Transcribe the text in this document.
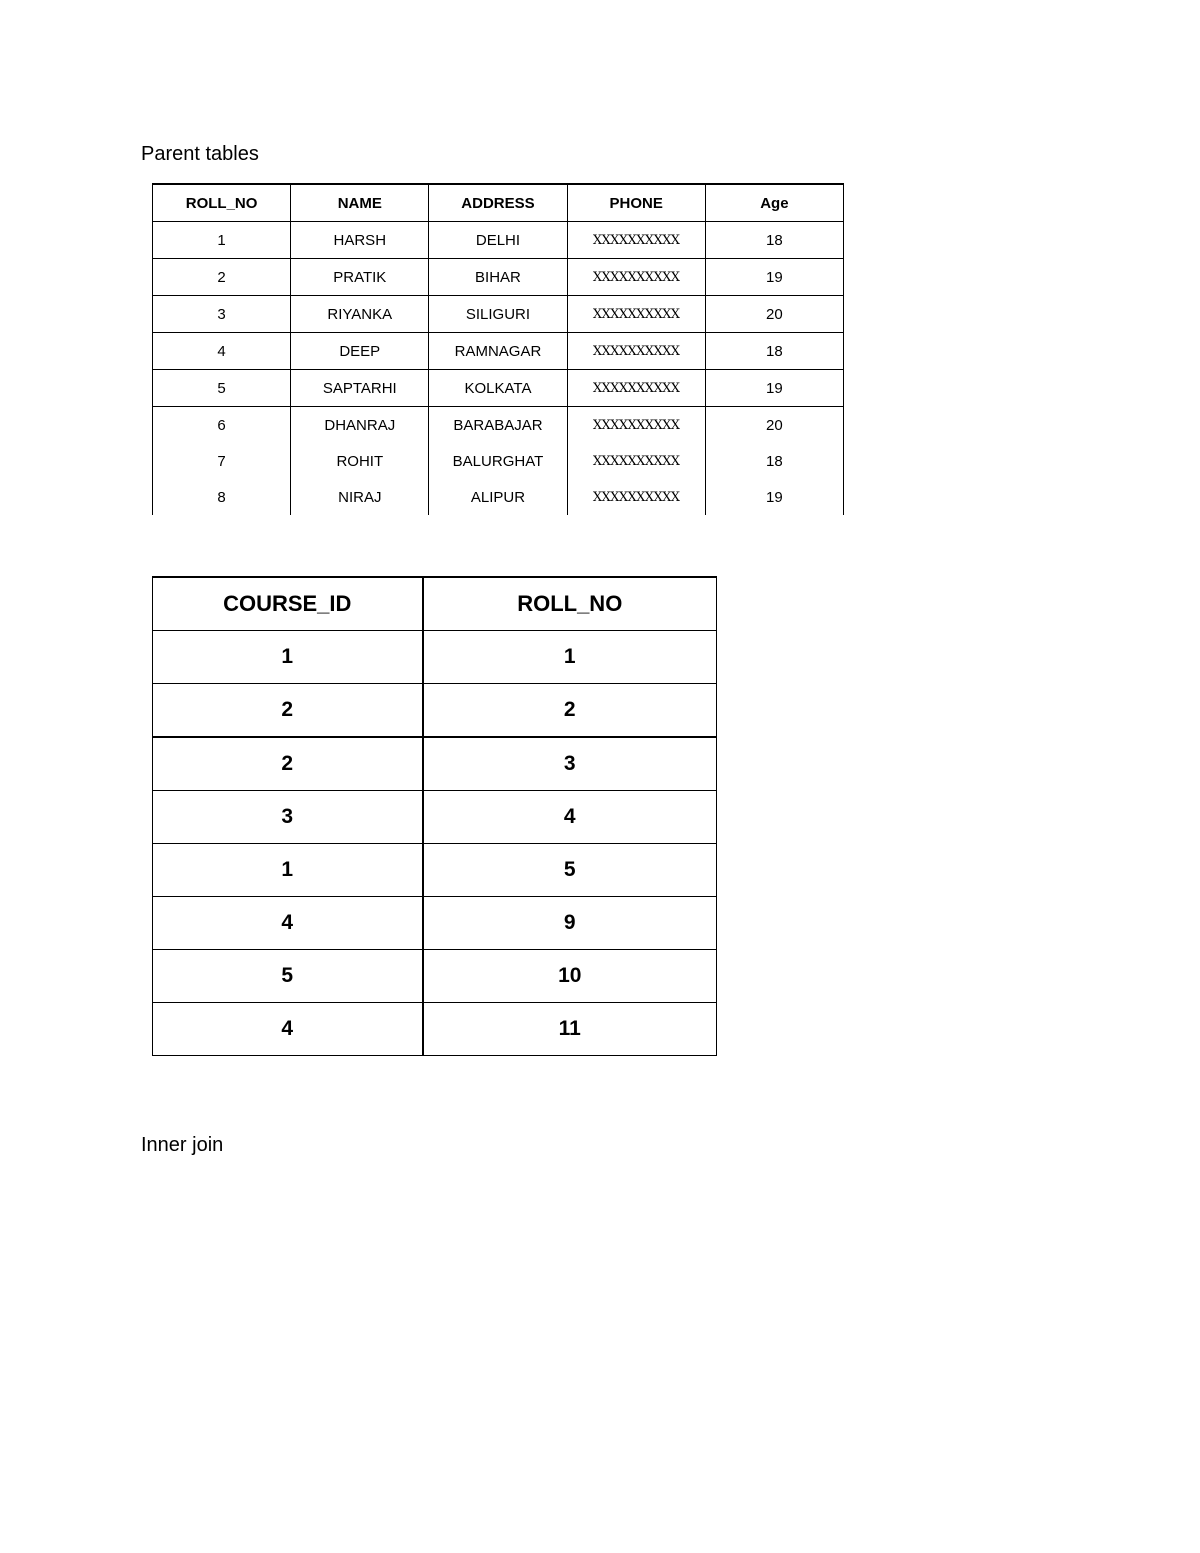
Parent tables
ROLL_NO	NAME	ADDRESS	PHONE	Age
1	HARSH	DELHI	XXXXXXXXXX	18
2	PRATIK	BIHAR	XXXXXXXXXX	19
3	RIYANKA	SILIGURI	XXXXXXXXXX	20
4	DEEP	RAMNAGAR	XXXXXXXXXX	18
5	SAPTARHI	KOLKATA	XXXXXXXXXX	19
6	DHANRAJ	BARABAJAR	XXXXXXXXXX	20
7	ROHIT	BALURGHAT	XXXXXXXXXX	18
8	NIRAJ	ALIPUR	XXXXXXXXXX	19
COURSE_ID	ROLL_NO
1	1
2	2
2	3
3	4
1	5
4	9
5	10
4	11
Inner join
